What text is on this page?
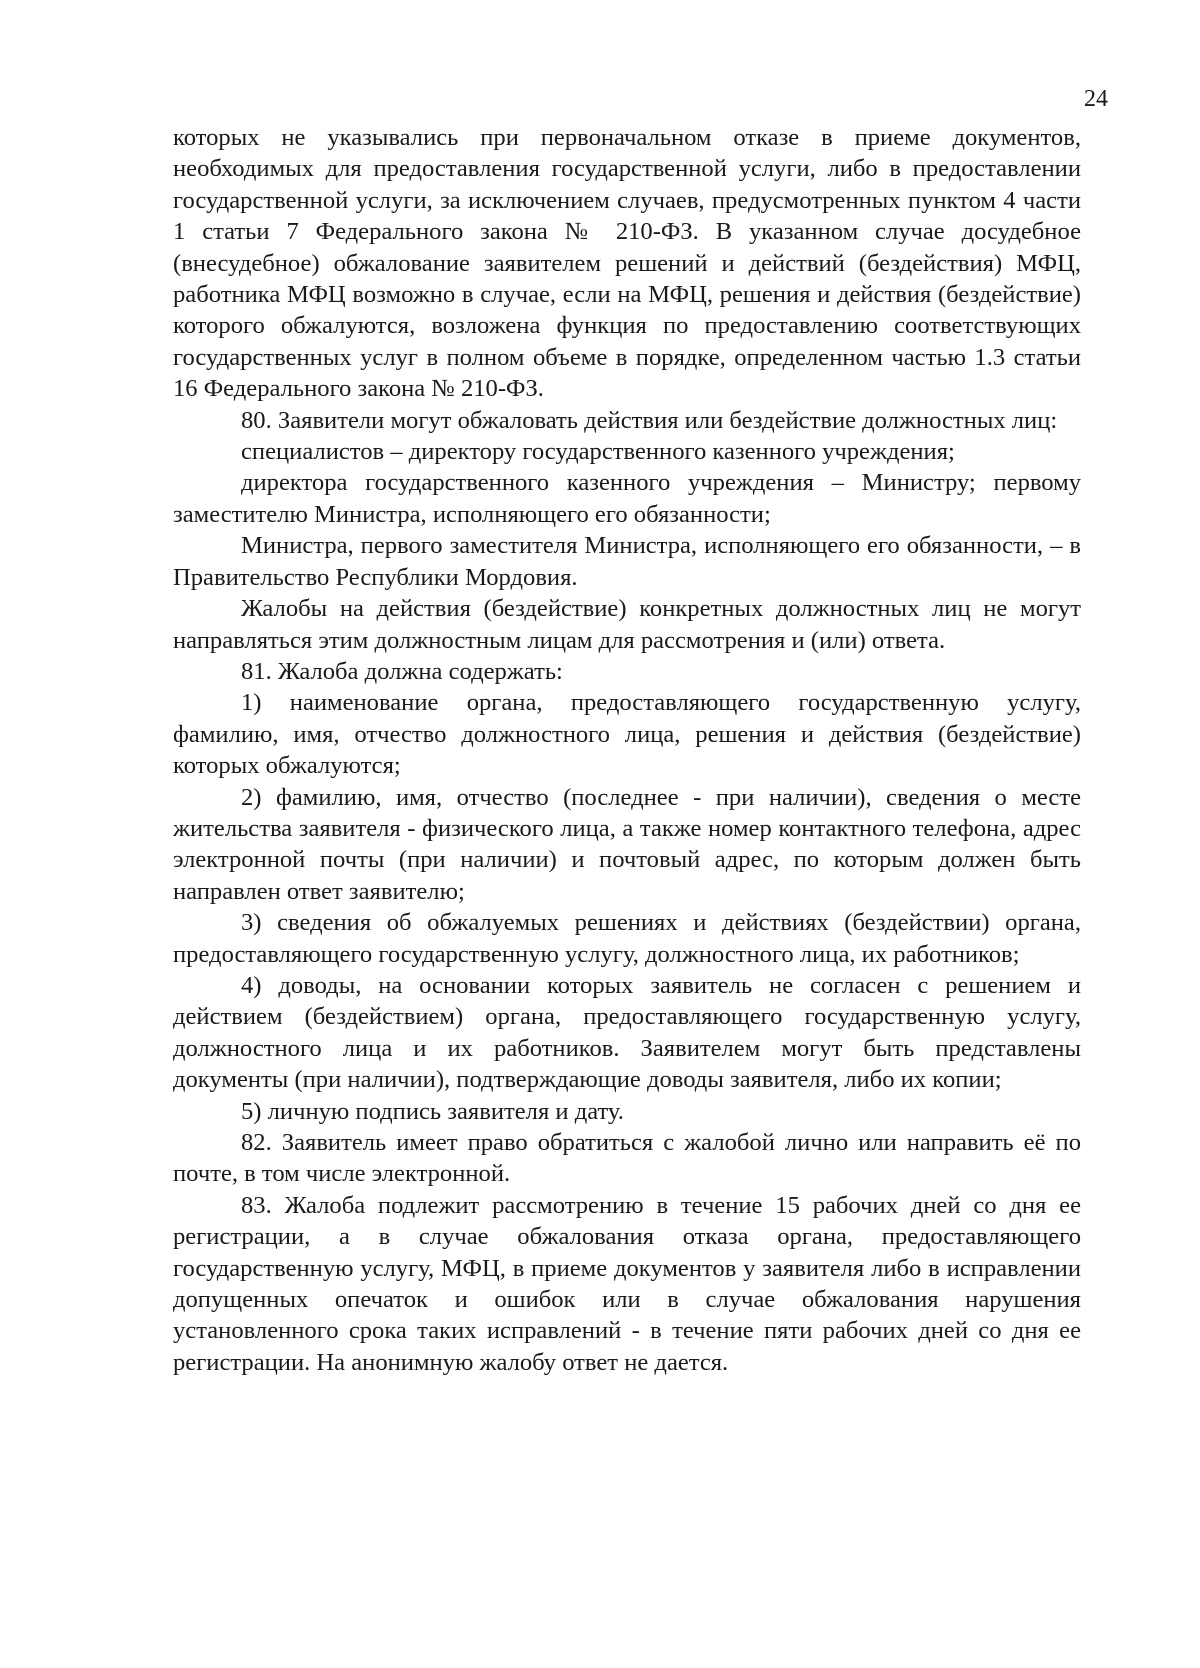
24

которых не указывались при первоначальном отказе в приеме документов, необходимых для предоставления государственной услуги, либо в предоставлении государственной услуги, за исключением случаев, предусмотренных пунктом 4 части 1 статьи 7 Федерального закона № 210-ФЗ. В указанном случае досудебное (внесудебное) обжалование заявителем решений и действий (бездействия) МФЦ, работника МФЦ возможно в случае, если на МФЦ, решения и действия (бездействие) которого обжалуются, возложена функция по предоставлению соответствующих государственных услуг в полном объеме в порядке, определенном частью 1.3 статьи 16 Федерального закона № 210-ФЗ.

80. Заявители могут обжаловать действия или бездействие должностных лиц:

специалистов – директору государственного казенного учреждения;

директора государственного казенного учреждения – Министру; первому заместителю Министра, исполняющего его обязанности;

Министра, первого заместителя Министра, исполняющего его обязанности, – в Правительство Республики Мордовия.

Жалобы на действия (бездействие) конкретных должностных лиц не могут направляться этим должностным лицам для рассмотрения и (или) ответа.

81. Жалоба должна содержать:

1) наименование органа, предоставляющего государственную услугу, фамилию, имя, отчество должностного лица, решения и действия (бездействие) которых обжалуются;

2) фамилию, имя, отчество (последнее - при наличии), сведения о месте жительства заявителя - физического лица, а также номер контактного телефона, адрес электронной почты (при наличии) и почтовый адрес, по которым должен быть направлен ответ заявителю;

3) сведения об обжалуемых решениях и действиях (бездействии) органа, предоставляющего государственную услугу, должностного лица, их работников;

4) доводы, на основании которых заявитель не согласен с решением и действием (бездействием) органа, предоставляющего государственную услугу, должностного лица и их работников. Заявителем могут быть представлены документы (при наличии), подтверждающие доводы заявителя, либо их копии;

5) личную подпись заявителя и дату.

82. Заявитель имеет право обратиться с жалобой лично или направить её по почте, в том числе электронной.

83. Жалоба подлежит рассмотрению в течение 15 рабочих дней со дня ее регистрации, а в случае обжалования отказа органа, предоставляющего государственную услугу, МФЦ, в приеме документов у заявителя либо в исправлении допущенных опечаток и ошибок или в случае обжалования нарушения установленного срока таких исправлений - в течение пяти рабочих дней со дня ее регистрации. На анонимную жалобу ответ не дается.
